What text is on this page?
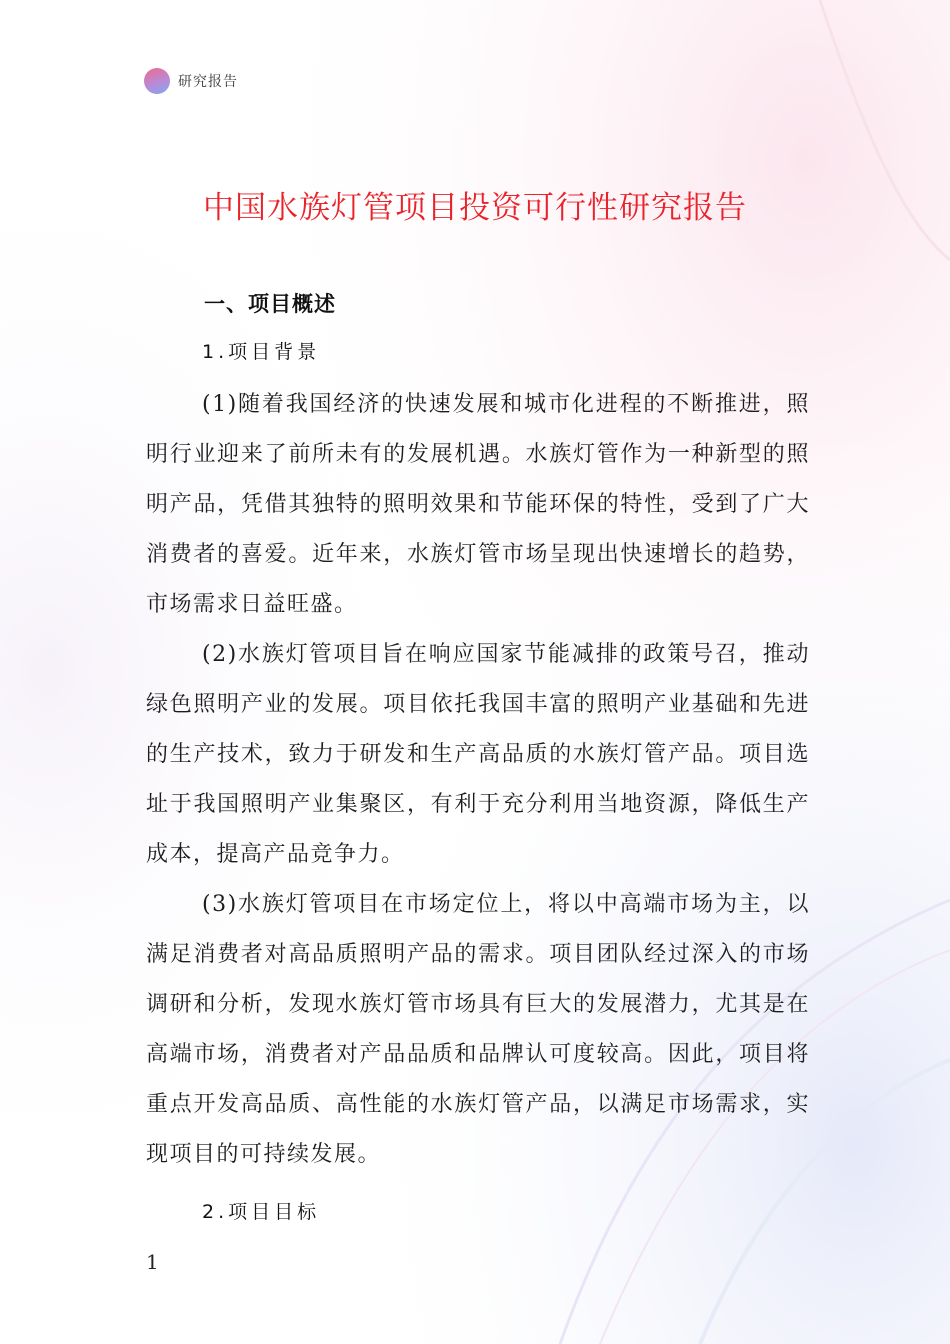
研究报告
中国水族灯管项目投资可行性研究报告
一、项目概述
1.项目背景

(1)随着我国经济的快速发展和城市化进程的不断推进，照明行业迎来了前所未有的发展机遇。水族灯管作为一种新型的照明产品，凭借其独特的照明效果和节能环保的特性，受到了广大消费者的喜爱。近年来，水族灯管市场呈现出快速增长的趋势，市场需求日益旺盛。

(2)水族灯管项目旨在响应国家节能减排的政策号召，推动绿色照明产业的发展。项目依托我国丰富的照明产业基础和先进的生产技术，致力于研发和生产高品质的水族灯管产品。项目选址于我国照明产业集聚区，有利于充分利用当地资源，降低生产成本，提高产品竞争力。

(3)水族灯管项目在市场定位上，将以中高端市场为主，以满足消费者对高品质照明产品的需求。项目团队经过深入的市场调研和分析，发现水族灯管市场具有巨大的发展潜力，尤其是在高端市场，消费者对产品品质和品牌认可度较高。因此，项目将重点开发高品质、高性能的水族灯管产品，以满足市场需求，实现项目的可持续发展。

2.项目目标
1
